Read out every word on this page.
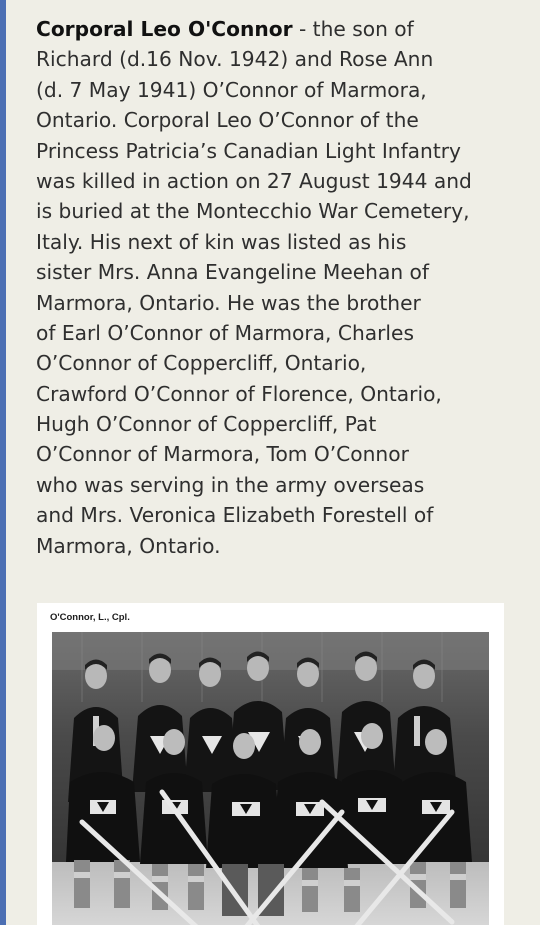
Corporal Leo O'Connor - the son of
Richard (d.16 Nov. 1942) and Rose Ann
(d. 7 May 1941) O’Connor of Marmora,
Ontario. Corporal Leo O’Connor of the
Princess Patricia’s Canadian Light Infantry
was killed in action on 27 August 1944 and
is buried at the Montecchio War Cemetery,
Italy. His next of kin was listed as his
sister Mrs. Anna Evangeline Meehan of
Marmora, Ontario. He was the brother
of Earl O’Connor of Marmora, Charles
O’Connor of Coppercliff, Ontario,
Crawford O’Connor of Florence, Ontario,
Hugh O’Connor of Coppercliff, Pat
O’Connor of Marmora, Tom O’Connor
who was serving in the army overseas
and Mrs. Veronica Elizabeth Forestell of
Marmora, Ontario.
O'Connor, L., Cpl.
